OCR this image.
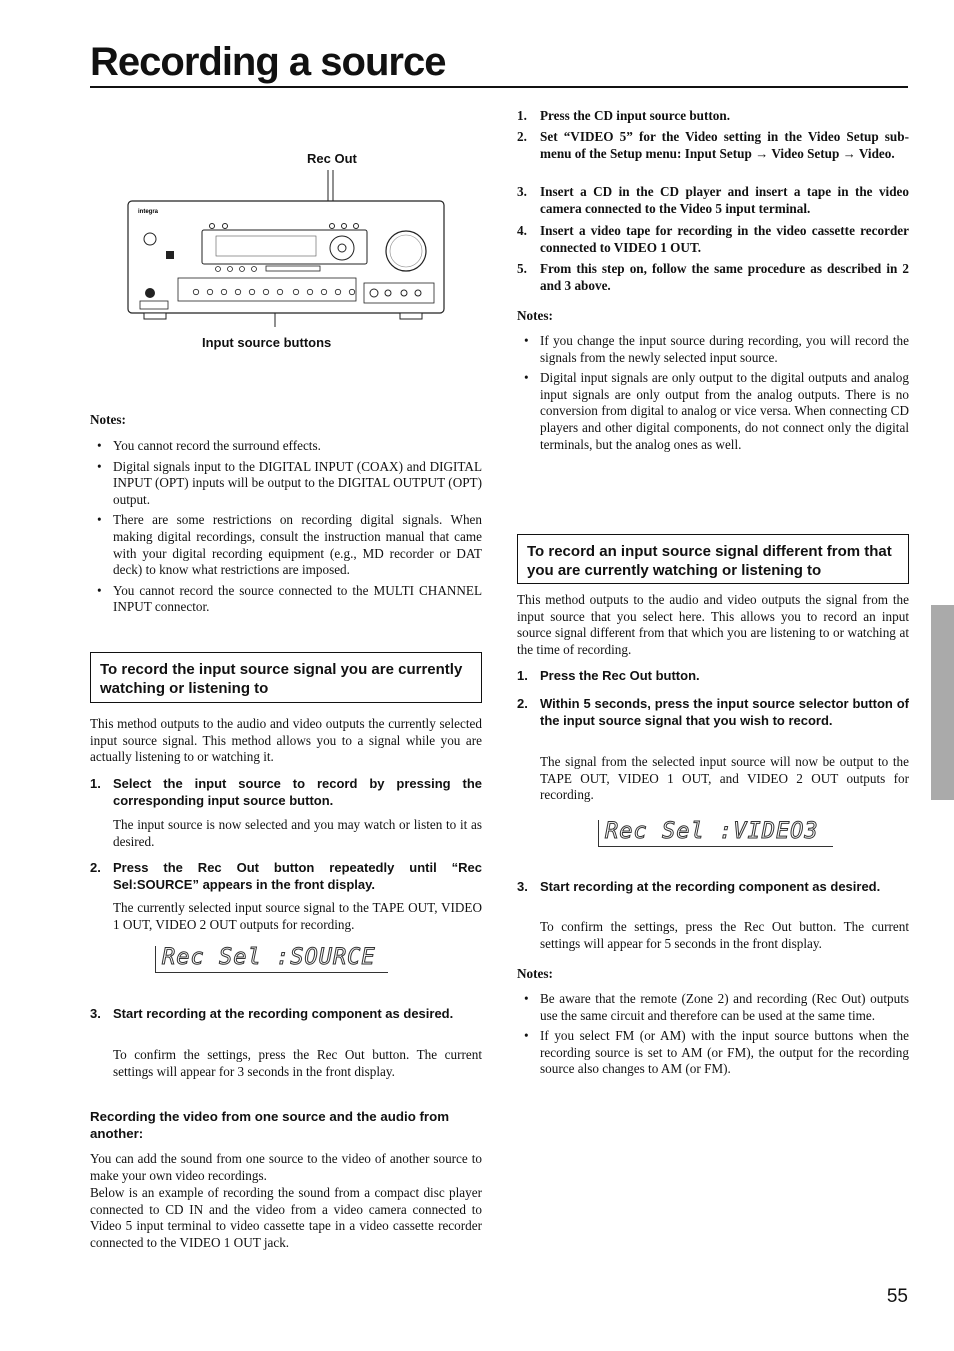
Recording a source
Rec Out
Input source buttons
integra
Notes:
• You cannot record the surround effects.
• Digital signals input to the DIGITAL INPUT (COAX) and DIGITAL INPUT (OPT) inputs will be output to the DIGITAL OUTPUT (OPT) output.
• There are some restrictions on recording digital signals. When making digital recordings, consult the instruction manual that came with your digital recording equipment (e.g., MD recorder or DAT deck) to know what restrictions are imposed.
• You cannot record the source connected to the MULTI CHANNEL INPUT connector.
To record the input source signal you are currently watching or listening to
This method outputs to the audio and video outputs the currently selected input source signal. This method allows you to a signal while you are actually listening to or watching it.
1. Select the input source to record by pressing the corresponding input source button.
The input source is now selected and you may watch or listen to it as desired.
2. Press the Rec Out button repeatedly until “Rec Sel:SOURCE” appears in the front display.
The currently selected input source signal to the TAPE OUT, VIDEO 1 OUT, VIDEO 2 OUT outputs for recording.
Rec Sel :SOURCE
3. Start recording at the recording component as desired.
To confirm the settings, press the Rec Out button. The current settings will appear for 3 seconds in the front display.
Recording the video from one source and the audio from another:
You can add the sound from one source to the video of another source to make your own video recordings.
Below is an example of recording the sound from a compact disc player connected to CD IN and the video from a video camera connected to Video 5 input terminal to video cassette tape in a video cassette recorder connected to the VIDEO 1 OUT jack.
1. Press the CD input source button.
2. Set “VIDEO 5” for the Video setting in the Video Setup sub-menu of the Setup menu: Input Setup → Video Setup → Video.
3. Insert a CD in the CD player and insert a tape in the video camera connected to the Video 5 input terminal.
4. Insert a video tape for recording in the video cassette recorder connected to VIDEO 1 OUT.
5. From this step on, follow the same procedure as described in 2 and 3 above.
Notes:
• If you change the input source during recording, you will record the signals from the newly selected input source.
• Digital input signals are only output to the digital outputs and analog input signals are only output from the analog outputs. There is no conversion from digital to analog or vice versa. When connecting CD players and other digital components, do not connect only the digital terminals, but the analog ones as well.
To record an input source signal different from that you are currently watching or listening to
This method outputs to the audio and video outputs the signal from the input source that you select here. This allows you to record an input source signal different from that which you are listening to or watching at the time of recording.
1. Press the Rec Out button.
2. Within 5 seconds, press the input source selector button of the input source signal that you wish to record.
The signal from the selected input source will now be output to the TAPE OUT, VIDEO 1 OUT, and VIDEO 2 OUT outputs for recording.
Rec Sel :VIDEO3
3. Start recording at the recording component as desired.
To confirm the settings, press the Rec Out button. The current settings will appear for 5 seconds in the front display.
Notes:
• Be aware that the remote (Zone 2) and recording (Rec Out) outputs use the same circuit and therefore can be used at the same time.
• If you select FM (or AM) with the input source buttons when the recording source is set to AM (or FM), the output for the recording source also changes to AM (or FM).
55
